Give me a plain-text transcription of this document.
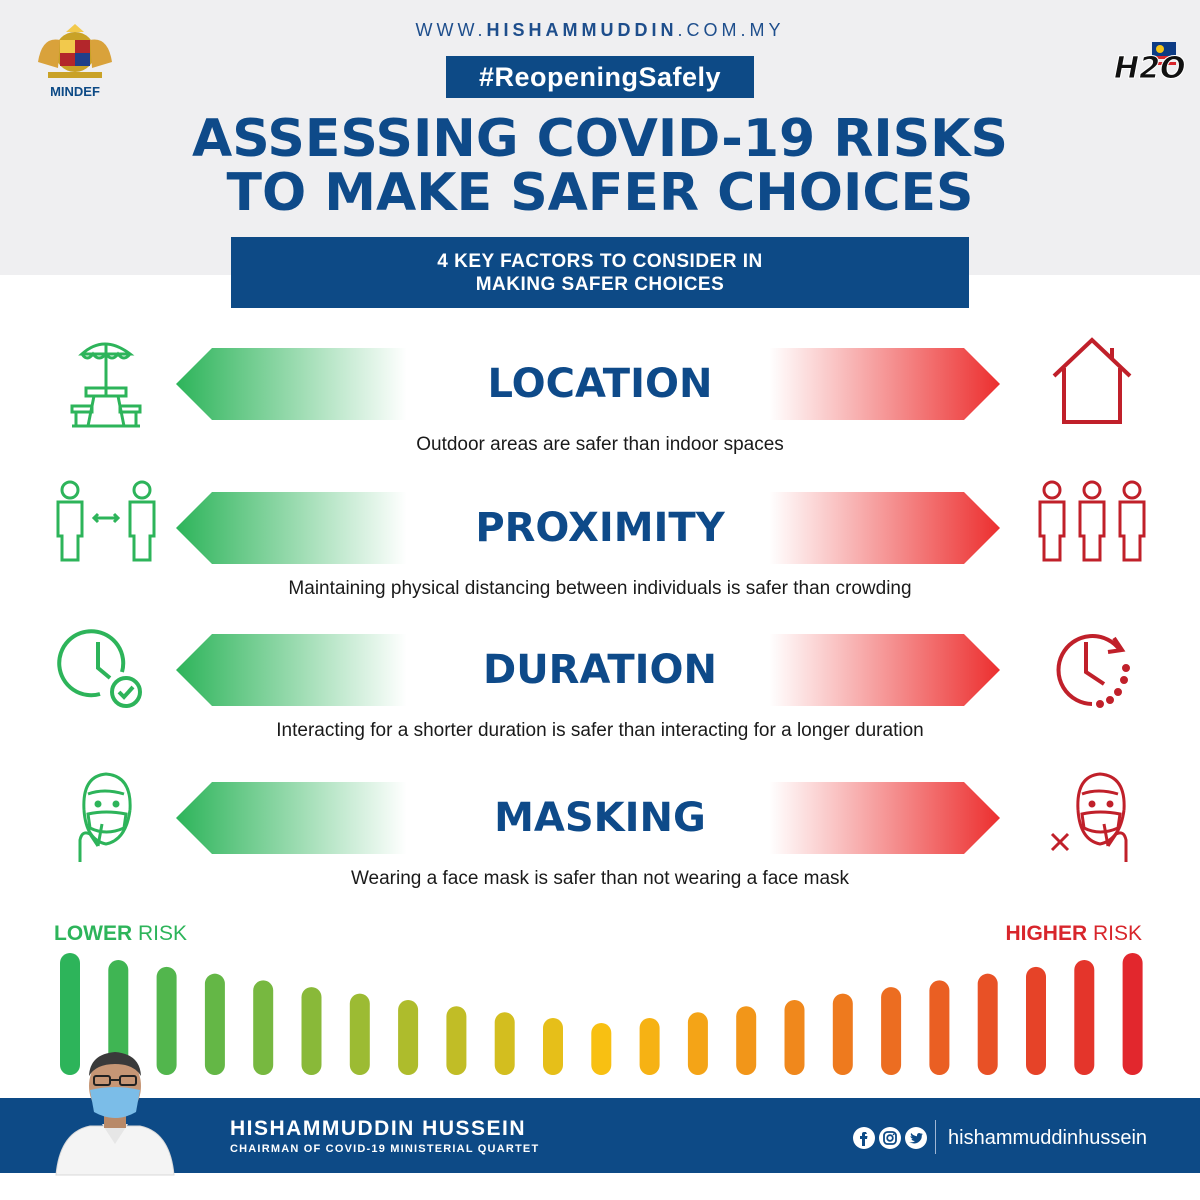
MINDEF
H2O
WWW.HISHAMMUDDIN.COM.MY
#ReopeningSafely
ASSESSING COVID-19 RISKS
TO MAKE SAFER CHOICES
4 KEY FACTORS TO CONSIDER IN
MAKING SAFER CHOICES
LOCATION
Outdoor areas are safer than indoor spaces
PROXIMITY
Maintaining physical distancing between individuals is safer than crowding
DURATION
Interacting for a shorter duration is safer than interacting for a longer duration
MASKING
Wearing a face mask is safer than not wearing a face mask
LOWER RISK	HIGHER RISK
HISHAMMUDDIN HUSSEIN
CHAIRMAN OF COVID-19 MINISTERIAL QUARTET	hishammuddinhussein
